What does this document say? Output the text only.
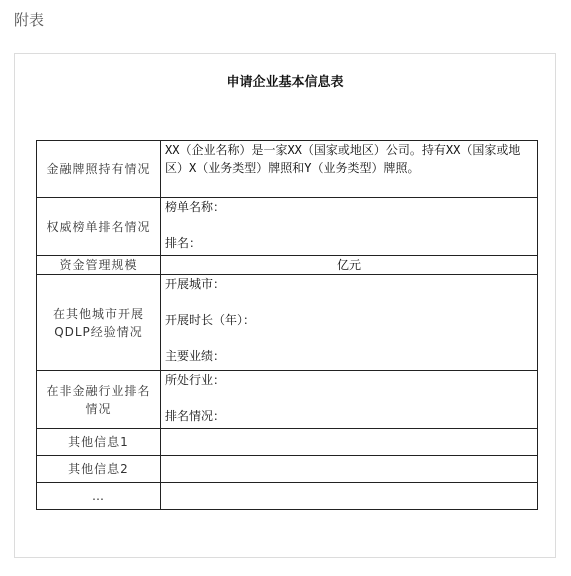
附表
申请企业基本信息表
金融牌照持有情况	XX（企业名称）是一家XX（国家或地区）公司。持有XX（国家或地区）X（业务类型）牌照和Y（业务类型）牌照。
权威榜单排名情况	榜单名称：
排名：

资金管理规模	亿元
在其他城市开展QDLP经验情况	开展城市：
开展时长（年）：
主要业绩：

在非金融行业排名情况	所处行业：
排名情况：

其他信息1	
其他信息2	
…	
